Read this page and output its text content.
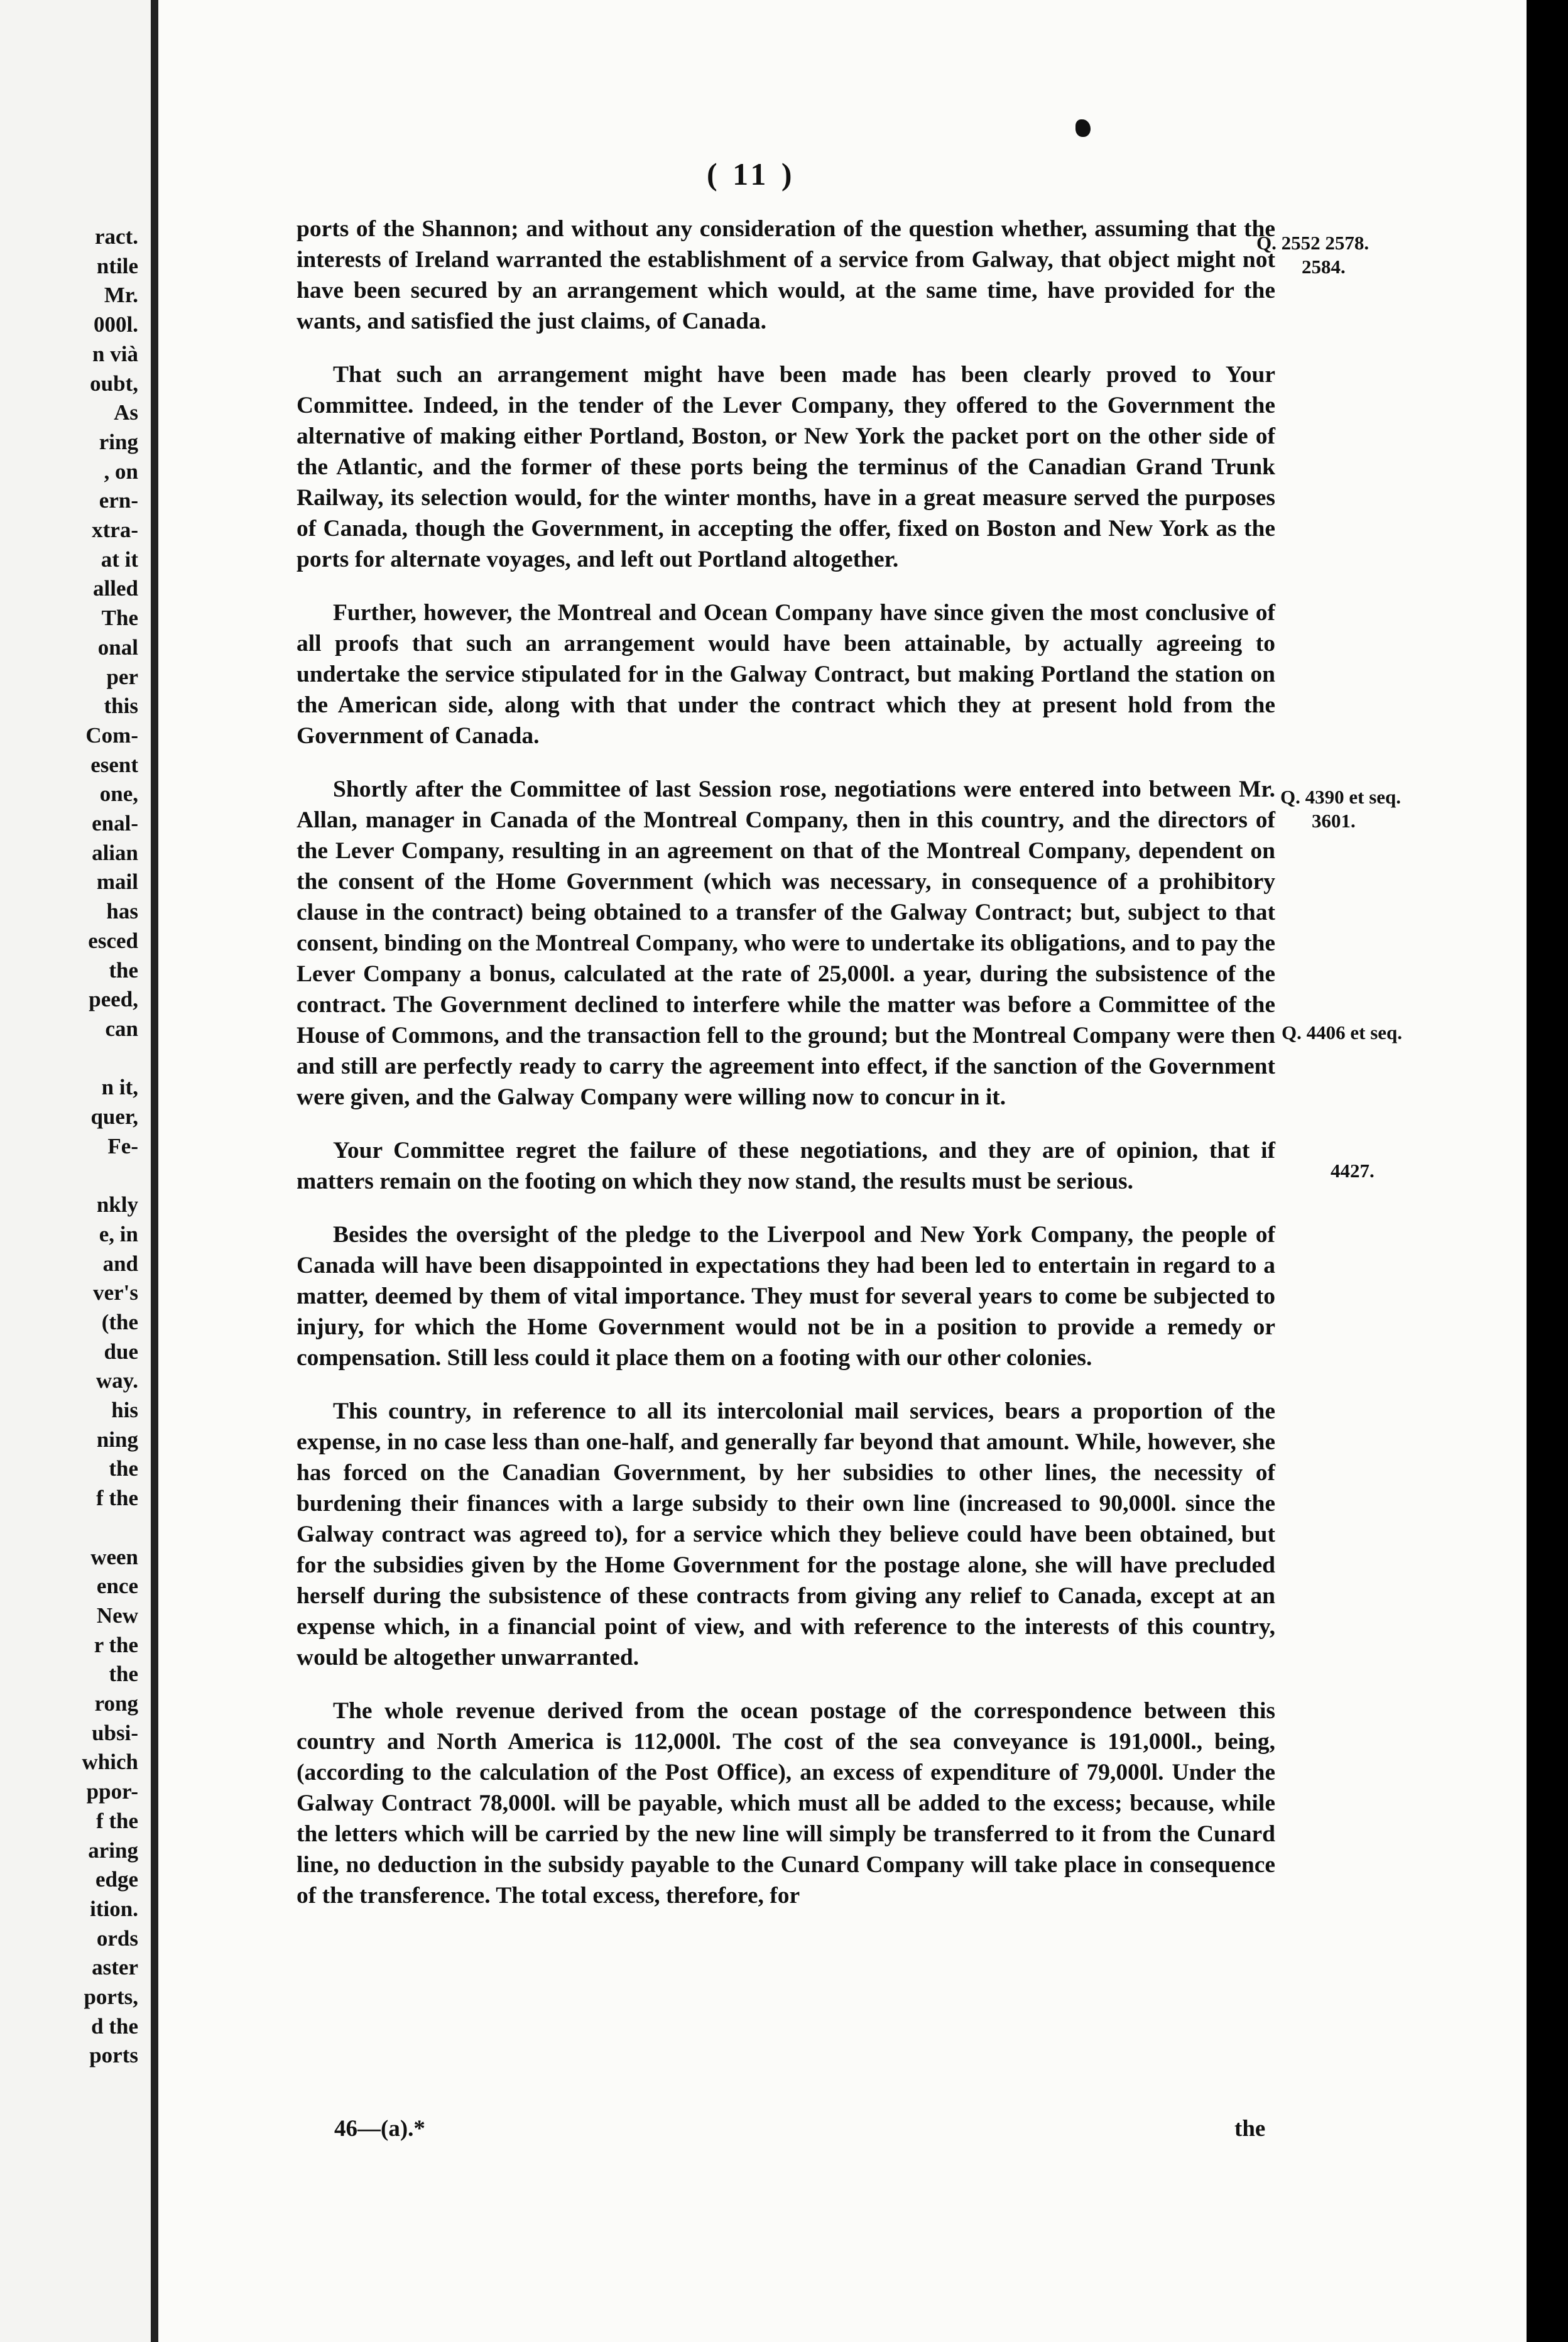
ract.
ntile
Mr.
000l.
n vià
oubt,
As
ring
, on
ern-
xtra-
at it
alled
The
onal
per
this
Com-
esent
one,
enal-
alian
mail
has
esced
the
peed,
can
n it,
quer,
Fe-
nkly
e, in
and
ver's
(the
due
way.
his
ning
the
f the
ween
ence
New
r the
the
rong
ubsi-
which
ppor-
f the
aring
edge
ition.
ords
aster
ports,
d the
ports
( 11 )

ports of the Shannon; and without any consideration of the question whether, assuming that the interests of Ireland warranted the establishment of a service from Galway, that object might not have been secured by an arrangement which would, at the same time, have provided for the wants, and satisfied the just claims, of Canada.

That such an arrangement might have been made has been clearly proved to Your Committee. Indeed, in the tender of the Lever Company, they offered to the Government the alternative of making either Portland, Boston, or New York the packet port on the other side of the Atlantic, and the former of these ports being the terminus of the Canadian Grand Trunk Railway, its selection would, for the winter months, have in a great measure served the purposes of Canada, though the Government, in accepting the offer, fixed on Boston and New York as the ports for alternate voyages, and left out Portland altogether.

Further, however, the Montreal and Ocean Company have since given the most conclusive of all proofs that such an arrangement would have been attainable, by actually agreeing to undertake the service stipulated for in the Galway Contract, but making Portland the station on the American side, along with that under the contract which they at present hold from the Government of Canada.

Shortly after the Committee of last Session rose, negotiations were entered into between Mr. Allan, manager in Canada of the Montreal Company, then in this country, and the directors of the Lever Company, resulting in an agreement on that of the Montreal Company, dependent on the consent of the Home Government (which was necessary, in consequence of a prohibitory clause in the contract) being obtained to a transfer of the Galway Contract; but, subject to that consent, binding on the Montreal Company, who were to undertake its obligations, and to pay the Lever Company a bonus, calculated at the rate of 25,000l. a year, during the subsistence of the contract. The Government declined to interfere while the matter was before a Committee of the House of Commons, and the transaction fell to the ground; but the Montreal Company were then and still are perfectly ready to carry the agreement into effect, if the sanction of the Government were given, and the Galway Company were willing now to concur in it.

Your Committee regret the failure of these negotiations, and they are of opinion, that if matters remain on the footing on which they now stand, the results must be serious.

Besides the oversight of the pledge to the Liverpool and New York Company, the people of Canada will have been disappointed in expectations they had been led to entertain in regard to a matter, deemed by them of vital importance. They must for several years to come be subjected to injury, for which the Home Government would not be in a position to provide a remedy or compensation. Still less could it place them on a footing with our other colonies.

This country, in reference to all its intercolonial mail services, bears a proportion of the expense, in no case less than one-half, and generally far beyond that amount. While, however, she has forced on the Canadian Government, by her subsidies to other lines, the necessity of burdening their finances with a large subsidy to their own line (increased to 90,000l. since the Galway contract was agreed to), for a service which they believe could have been obtained, but for the subsidies given by the Home Government for the postage alone, she will have precluded herself during the subsistence of these contracts from giving any relief to Canada, except at an expense which, in a financial point of view, and with reference to the interests of this country, would be altogether unwarranted.

The whole revenue derived from the ocean postage of the correspondence between this country and North America is 112,000l. The cost of the sea conveyance is 191,000l., being, (according to the calculation of the Post Office), an excess of expenditure of 79,000l. Under the Galway Contract 78,000l. will be payable, which must all be added to the excess; because, while the letters which will be carried by the new line will simply be transferred to it from the Cunard line, no deduction in the subsidy payable to the Cunard Company will take place in consequence of the transference. The total excess, therefore, for

Q. 2552 2578.
2584.
Q. 4390 et seq.
3601.
Q. 4406 et seq.
4427.
46—(a).*	the
